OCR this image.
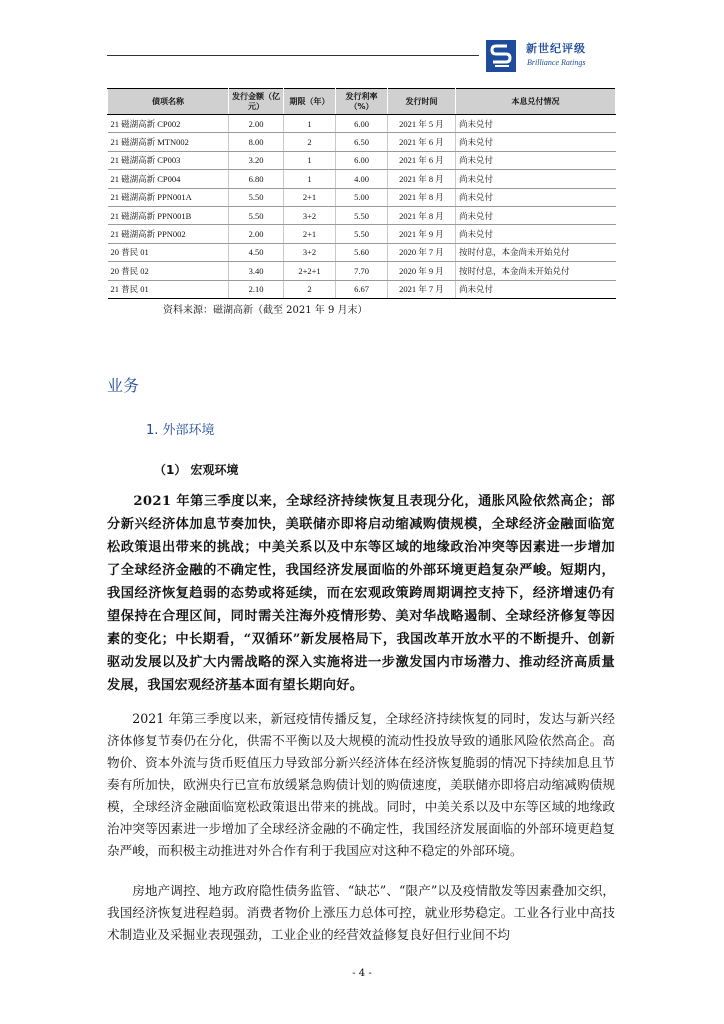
新世纪评级
Brilliance Ratings
债项名称	发行金额（亿元）	期限（年）	发行利率（%）	发行时间	本息兑付情况
21 磁湖高新 CP002	2.00	1	6.00	2021 年 5 月	尚未兑付
21 磁湖高新 MTN002	8.00	2	6.50	2021 年 6 月	尚未兑付
21 磁湖高新 CP003	3.20	1	6.00	2021 年 6 月	尚未兑付
21 磁湖高新 CP004	6.80	1	4.00	2021 年 8 月	尚未兑付
21 磁湖高新 PPN001A	5.50	2+1	5.00	2021 年 8 月	尚未兑付
21 磁湖高新 PPN001B	5.50	3+2	5.50	2021 年 8 月	尚未兑付
21 磁湖高新 PPN002	2.00	2+1	5.50	2021 年 9 月	尚未兑付
20 普民 01	4.50	3+2	5.60	2020 年 7 月	按时付息，本金尚未开始兑付
20 普民 02	3.40	2+2+1	7.70	2020 年 9 月	按时付息，本金尚未开始兑付
21 普民 01	2.10	2	6.67	2021 年 7 月	尚未兑付
资料来源：磁湖高新（截至 2021 年 9 月末）
业务
1. 外部环境
（1） 宏观环境

2021 年第三季度以来，全球经济持续恢复且表现分化，通胀风险依然高企；部分新兴经济体加息节奏加快，美联储亦即将启动缩减购债规模，全球经济金融面临宽松政策退出带来的挑战；中美关系以及中东等区域的地缘政治冲突等因素进一步增加了全球经济金融的不确定性，我国经济发展面临的外部环境更趋复杂严峻。短期内，我国经济恢复趋弱的态势或将延续，而在宏观政策跨周期调控支持下，经济增速仍有望保持在合理区间，同时需关注海外疫情形势、美对华战略遏制、全球经济修复等因素的变化；中长期看，“双循环”新发展格局下，我国改革开放水平的不断提升、创新驱动发展以及扩大内需战略的深入实施将进一步激发国内市场潜力、推动经济高质量发展，我国宏观经济基本面有望长期向好。

2021 年第三季度以来，新冠疫情传播反复，全球经济持续恢复的同时，发达与新兴经济体修复节奏仍在分化，供需不平衡以及大规模的流动性投放导致的通胀风险依然高企。高物价、资本外流与货币贬值压力导致部分新兴经济体在经济恢复脆弱的情况下持续加息且节奏有所加快，欧洲央行已宣布放缓紧急购债计划的购债速度，美联储亦即将启动缩减购债规模，全球经济金融面临宽松政策退出带来的挑战。同时，中美关系以及中东等区域的地缘政治冲突等因素进一步增加了全球经济金融的不确定性，我国经济发展面临的外部环境更趋复杂严峻，而积极主动推进对外合作有利于我国应对这种不稳定的外部环境。

房地产调控、地方政府隐性债务监管、“缺芯”、“限产”以及疫情散发等因素叠加交织，我国经济恢复进程趋弱。消费者物价上涨压力总体可控，就业形势稳定。工业各行业中高技术制造业及采掘业表现强劲，工业企业的经营效益修复良好但行业间不均

- 4 -
